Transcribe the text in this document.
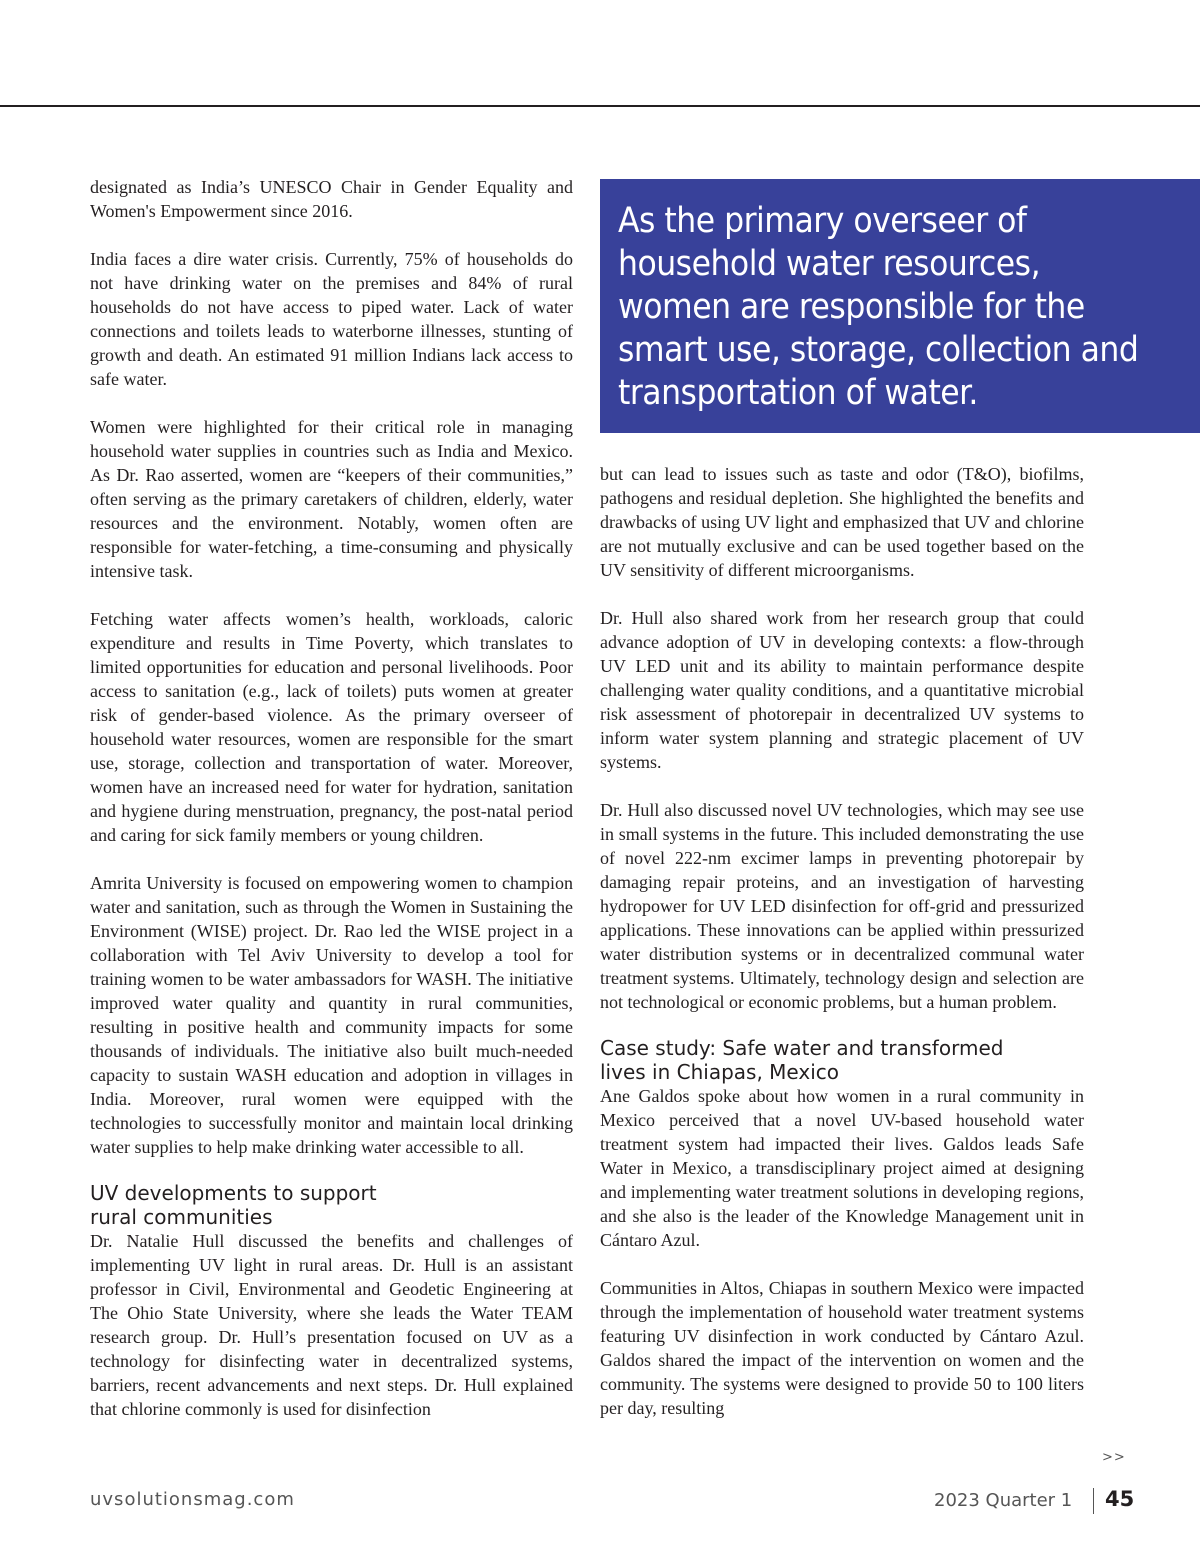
designated as India’s UNESCO Chair in Gender Equality and Women's Empowerment since 2016.

India faces a dire water crisis. Currently, 75% of households do not have drinking water on the premises and 84% of rural households do not have access to piped water. Lack of water connections and toilets leads to waterborne illnesses, stunting of growth and death. An estimated 91 million Indians lack access to safe water.

Women were highlighted for their critical role in managing household water supplies in countries such as India and Mexico. As Dr. Rao asserted, women are “keepers of their communities,” often serving as the primary caretakers of children, elderly, water resources and the environment. Notably, women often are responsible for water-fetching, a time-consuming and physically intensive task.

Fetching water affects women’s health, workloads, caloric expenditure and results in Time Poverty, which translates to limited opportunities for education and personal livelihoods. Poor access to sanitation (e.g., lack of toilets) puts women at greater risk of gender-based violence. As the primary overseer of household water resources, women are responsible for the smart use, storage, collection and transportation of water. Moreover, women have an increased need for water for hydration, sanitation and hygiene during menstruation, pregnancy, the post-natal period and caring for sick family members or young children.

Amrita University is focused on empowering women to champion water and sanitation, such as through the Women in Sustaining the Environment (WISE) project. Dr. Rao led the WISE project in a collaboration with Tel Aviv University to develop a tool for training women to be water ambassadors for WASH. The initiative improved water quality and quantity in rural communities, resulting in positive health and community impacts for some thousands of individuals. The initiative also built much-needed capacity to sustain WASH education and adoption in villages in India. Moreover, rural women were equipped with the technologies to successfully monitor and maintain local drinking water supplies to help make drinking water accessible to all.

UV developments to support
rural communities

Dr. Natalie Hull discussed the benefits and challenges of implementing UV light in rural areas. Dr. Hull is an assistant professor in Civil, Environmental and Geodetic Engineering at The Ohio State University, where she leads the Water TEAM research group. Dr. Hull’s presentation focused on UV as a technology for disinfecting water in decentralized systems, barriers, recent advancements and next steps. Dr. Hull explained that chlorine commonly is used for disinfection

As the primary overseer of
household water resources,
women are responsible for the
smart use, storage, collection and
transportation of water.

but can lead to issues such as taste and odor (T&O), biofilms, pathogens and residual depletion. She highlighted the benefits and drawbacks of using UV light and emphasized that UV and chlorine are not mutually exclusive and can be used together based on the UV sensitivity of different microorganisms.

Dr. Hull also shared work from her research group that could advance adoption of UV in developing contexts: a flow-through UV LED unit and its ability to maintain performance despite challenging water quality conditions, and a quantitative microbial risk assessment of photorepair in decentralized UV systems to inform water system planning and strategic placement of UV systems.

Dr. Hull also discussed novel UV technologies, which may see use in small systems in the future. This included demonstrating the use of novel 222-nm excimer lamps in preventing photorepair by damaging repair proteins, and an investigation of harvesting hydropower for UV LED disinfection for off-grid and pressurized applications. These innovations can be applied within pressurized water distribution systems or in decentralized communal water treatment systems. Ultimately, technology design and selection are not technological or economic problems, but a human problem.

Case study: Safe water and transformed
lives in Chiapas, Mexico

Ane Galdos spoke about how women in a rural community in Mexico perceived that a novel UV-based household water treatment system had impacted their lives. Galdos leads Safe Water in Mexico, a transdisciplinary project aimed at designing and implementing water treatment solutions in developing regions, and she also is the leader of the Knowledge Management unit in Cántaro Azul.

Communities in Altos, Chiapas in southern Mexico were impacted through the implementation of household water treatment systems featuring UV disinfection in work conducted by Cántaro Azul. Galdos shared the impact of the intervention on women and the community. The systems were designed to provide 50 to 100 liters per day, resulting

>>
uvsolutionsmag.com	2023 Quarter 1 45
